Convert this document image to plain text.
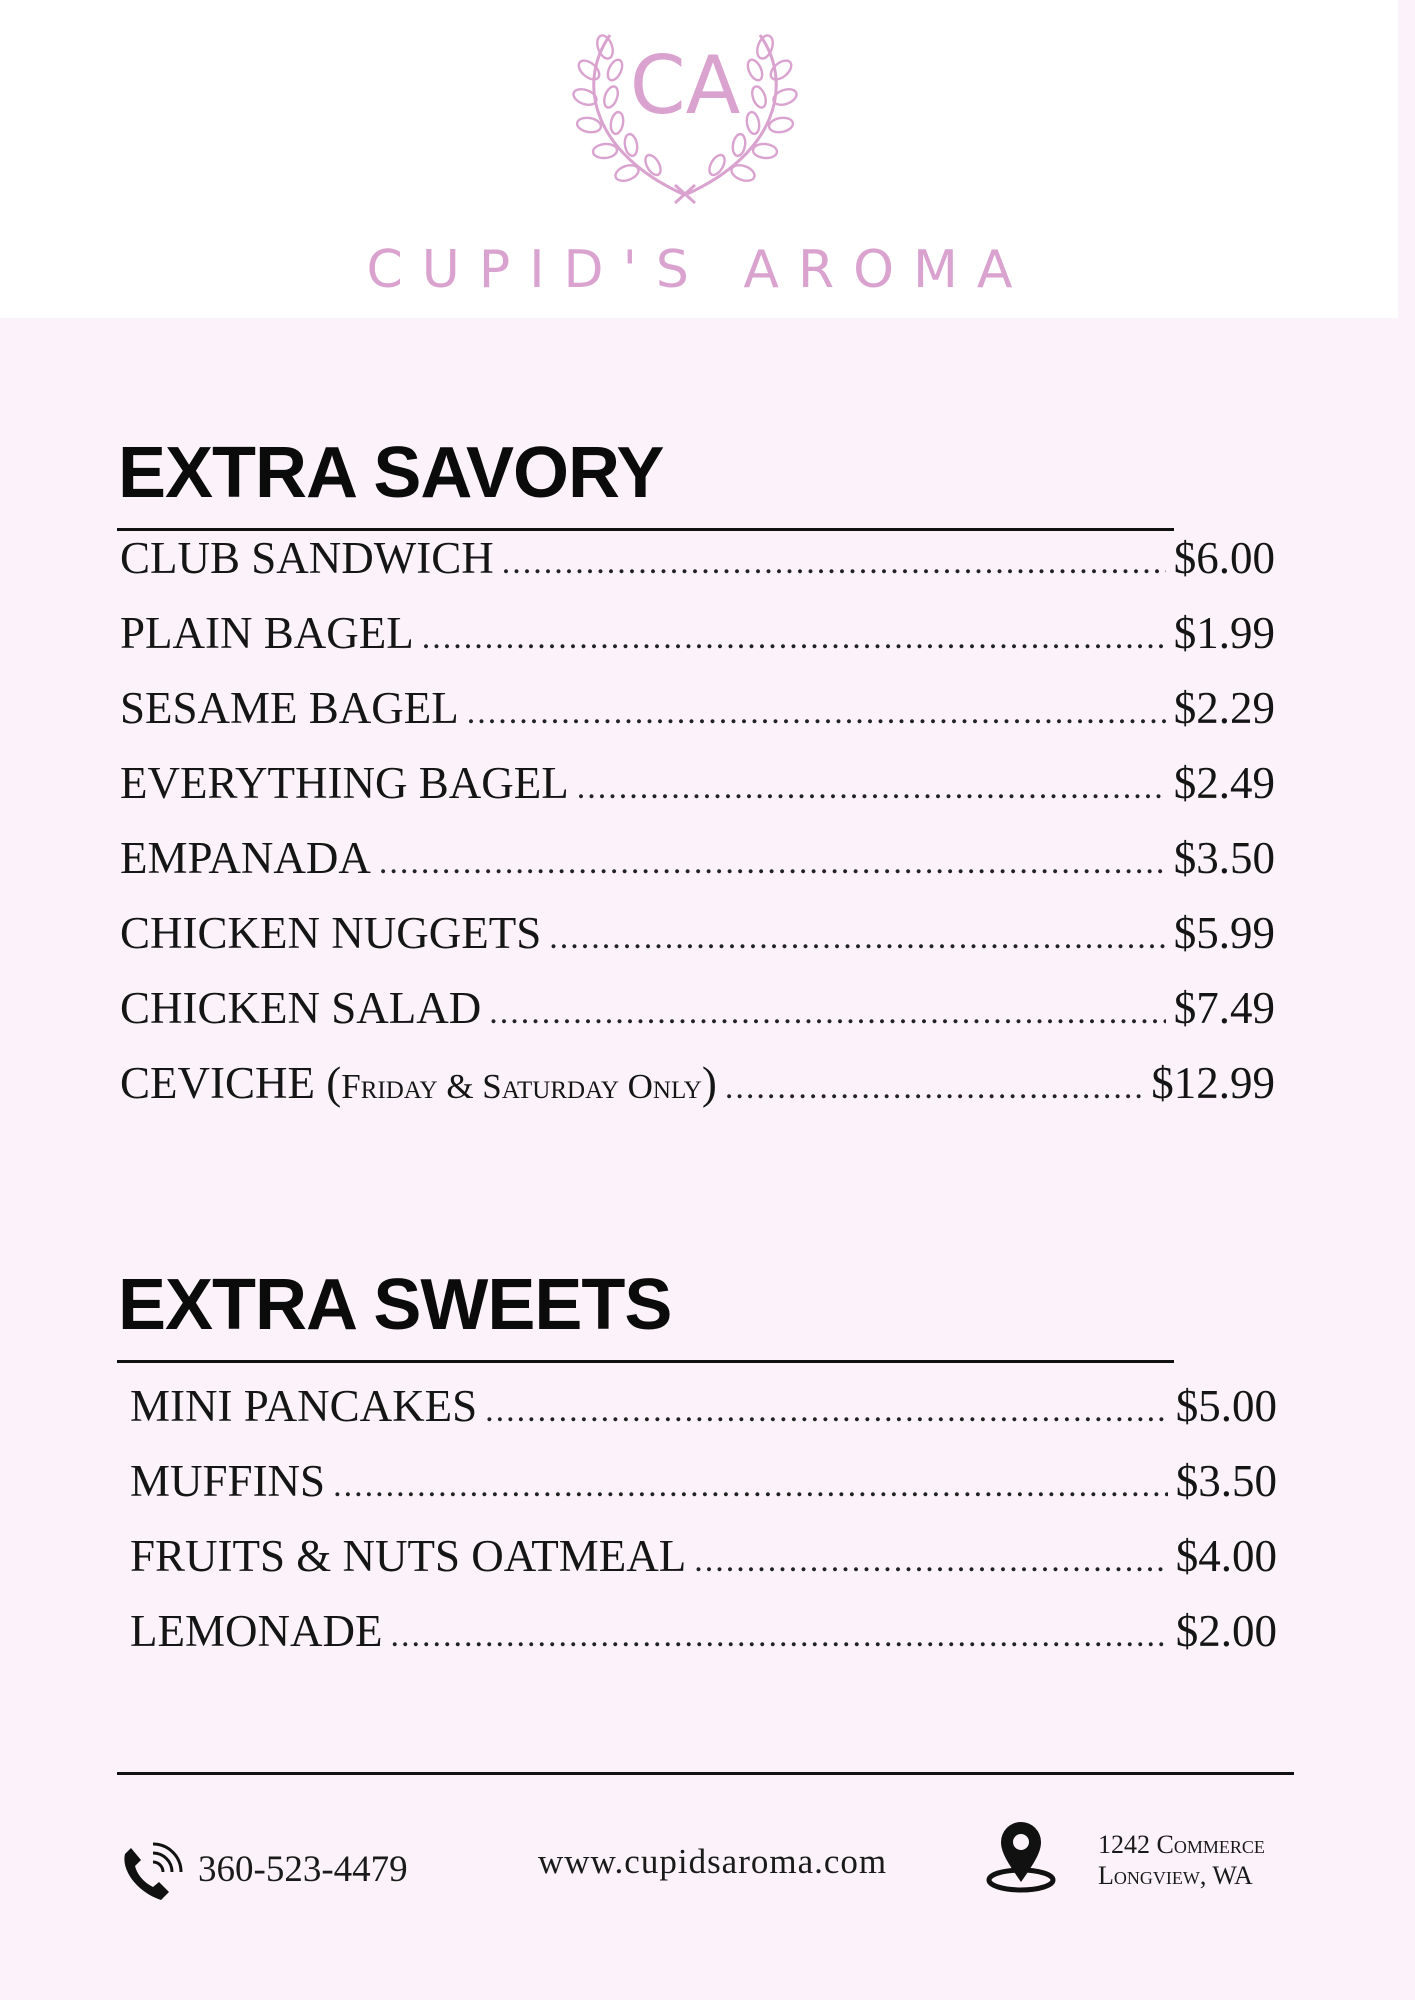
CA
CUPID'S AROMA
EXTRA SAVORY
CLUB SANDWICH .....	$6.00
PLAIN BAGEL .....	$1.99
SESAME BAGEL .....	$2.29
EVERYTHING BAGEL .....	$2.49
EMPANADA .....	$3.50
CHICKEN NUGGETS .....	$5.99
CHICKEN SALAD .....	$7.49
CEVICHE (Friday & Saturday Only) .....	$12.99
EXTRA SWEETS
MINI PANCAKES .....	$5.00
MUFFINS .....	$3.50
FRUITS & NUTS OATMEAL .....	$4.00
LEMONADE .....	$2.00
360-523-4479	www.cupidsaroma.com	1242 Commerce
Longview, WA
